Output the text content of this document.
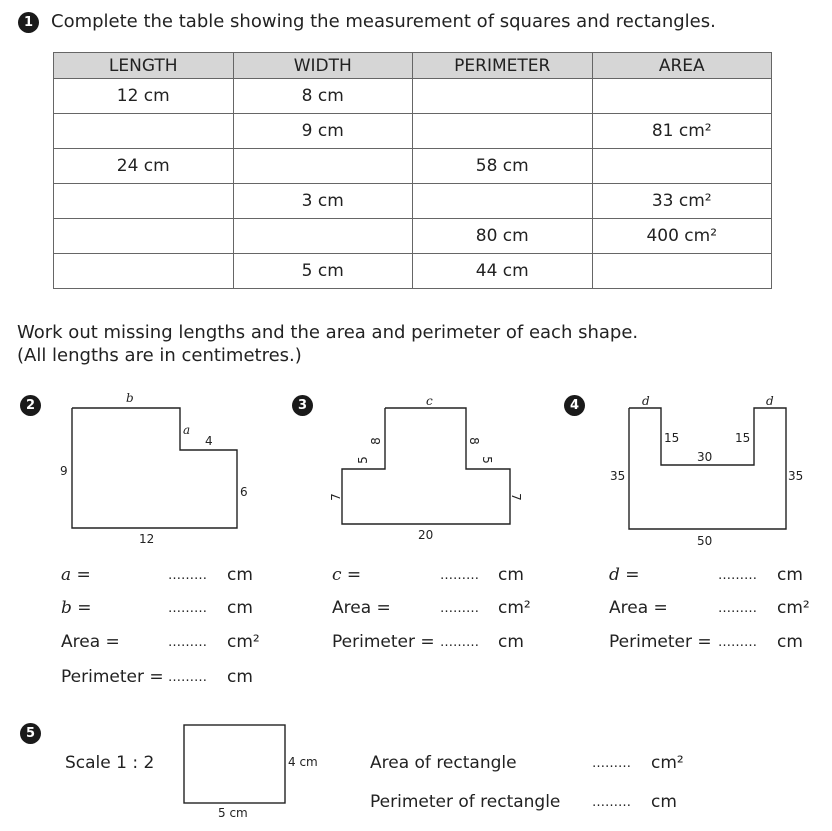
1 Complete the table showing the measurement of squares and rectangles.
LENGTH	WIDTH	PERIMETER	AREA
12 cm	8 cm		
	9 cm		81 cm²
24 cm		58 cm	
	3 cm		33 cm²
		80 cm	400 cm²
	5 cm	44 cm	
Work out missing lengths and the area and perimeter of each shape.
(All lengths are in centimetres.)
2	b
a
4
9
6
12
a =	……… cm
b =	……… cm
Area =	……… cm²
Perimeter = ……… cm
3	c
8
5
8
5
7	7
20
c =	……… cm
Area =	……… cm²
Perimeter = ……… cm
4	d	d
15	15
30
35	35
50
d =	……… cm
Area =	……… cm²
Perimeter = ……… cm
5
Scale 1 : 2	4 cm
5 cm
Area of rectangle	……… cm²
Perimeter of rectangle ……… cm
